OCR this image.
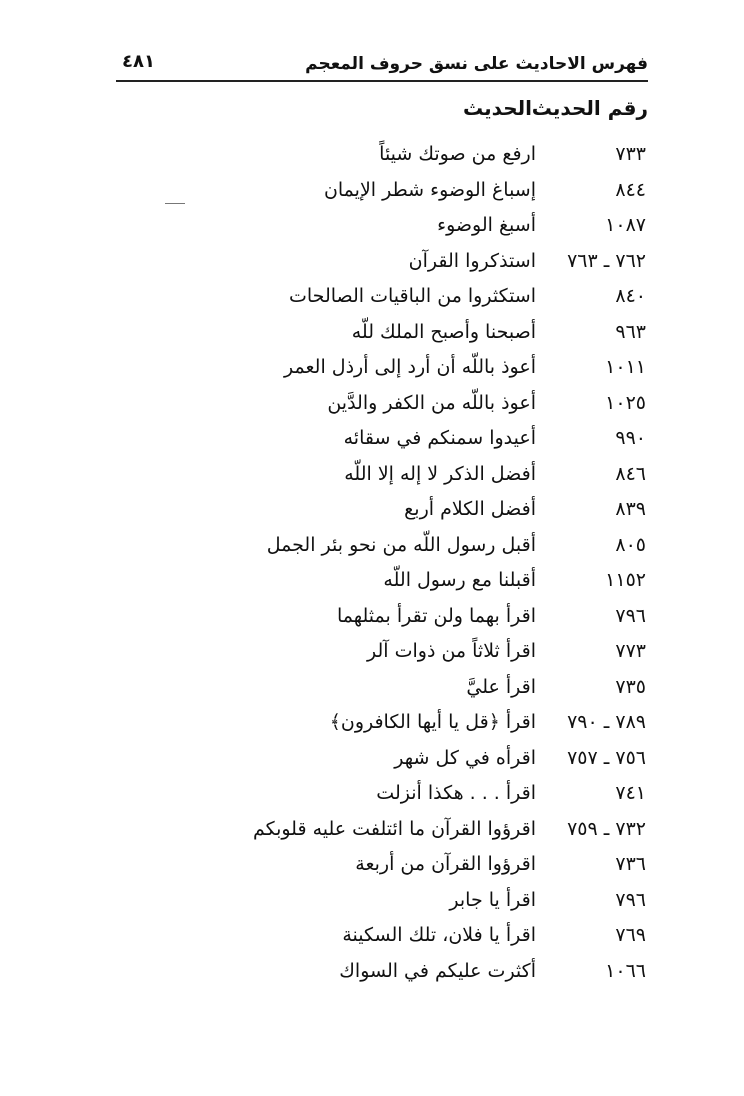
٤٨١	فهرس الاحاديث على نسق حروف المعجم
رقم الحديث
الحديث
٧٣٣
ارفع من صوتك شيئاً
٨٤٤
إسباغ الوضوء شطر الإيمان
١٠٨٧
أسبغ الوضوء
٧٦٢ ـ ٧٦٣
استذكروا القرآن
٨٤٠
استكثروا من الباقيات الصالحات
٩٦٣
أصبحنا وأصبح الملك للّه
١٠١١
أعوذ باللّه أن أرد إلى أرذل العمر
١٠٢٥
أعوذ باللّه من الكفر والدَّين
٩٩٠
أعيدوا سمنكم في سقائه
٨٤٦
أفضل الذكر لا إله إلا اللّه
٨٣٩
أفضل الكلام أربع
٨٠٥
أقبل رسول اللّه من نحو بئر الجمل
١١٥٢
أقبلنا مع رسول اللّه
٧٩٦
اقرأ بهما ولن تقرأ بمثلهما
٧٧٣
اقرأ ثلاثاً من ذوات آلر
٧٣٥
اقرأ عليَّ
٧٨٩ ـ ٧٩٠
اقرأ ﴿قل يا أيها الكافرون﴾
٧٥٦ ـ ٧٥٧
اقرأه في كل شهر
٧٤١
اقرأ . . . هكذا أنزلت
٧٣٢ ـ ٧٥٩
اقرؤوا القرآن ما ائتلفت عليه قلوبكم
٧٣٦
اقرؤوا القرآن من أربعة
٧٩٦
اقرأ يا جابر
٧٦٩
اقرأ يا فلان، تلك السكينة
١٠٦٦
أكثرت عليكم في السواك
